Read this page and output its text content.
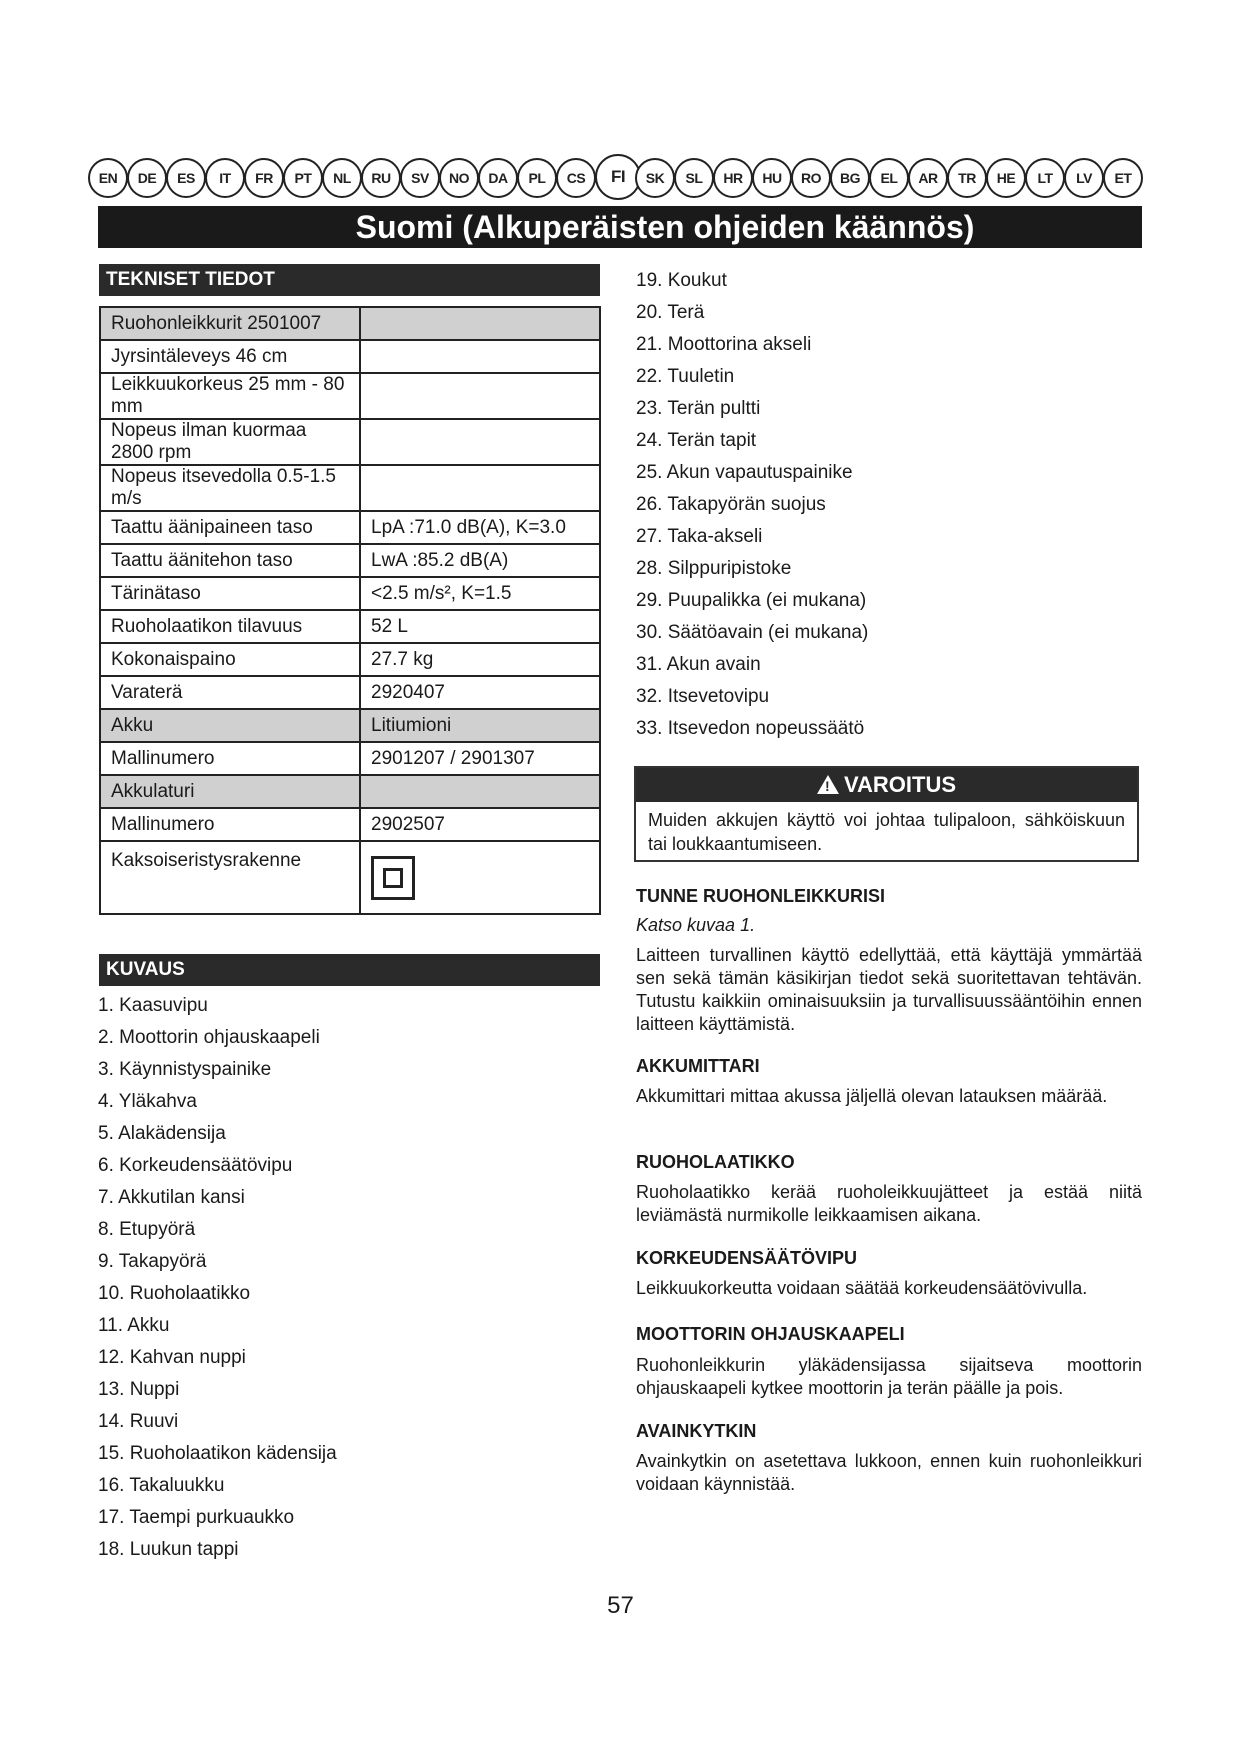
EN	DE	ES	IT	FR	PT	NL	RU	SV	NO	DA	PL	CS	FI	SK	SL	HR	HU	RO	BG	EL	AR	TR	HE	LT	LV	ET
Suomi (Alkuperäisten ohjeiden käännös)
TEKNISET TIEDOT
Ruohonleikkurit 2501007	
Jyrsintäleveys 46 cm	
Leikkuukorkeus 25 mm - 80 mm	
Nopeus ilman kuormaa 2800 rpm	
Nopeus itsevedolla 0.5-1.5 m/s	
Taattu äänipaineen taso	LpA :71.0 dB(A), K=3.0
Taattu äänitehon taso	LwA :85.2 dB(A)
Tärinätaso	<2.5 m/s², K=1.5
Ruoholaatikon tilavuus	52 L
Kokonaispaino	27.7 kg
Varaterä	2920407
Akku	Litiumioni
Mallinumero	2901207 / 2901307
Akkulaturi	
Mallinumero	2902507
Kaksoiseristysrakenne	
KUVAUS
1. Kaasuvipu
2. Moottorin ohjauskaapeli
3. Käynnistyspainike
4. Yläkahva
5. Alakädensija
6. Korkeudensäätövipu
7. Akkutilan kansi
8. Etupyörä
9. Takapyörä
10. Ruoholaatikko
11. Akku
12. Kahvan nuppi
13. Nuppi
14. Ruuvi
15. Ruoholaatikon kädensija
16. Takaluukku
17. Taempi purkuaukko
18. Luukun tappi
19. Koukut
20. Terä
21. Moottorina akseli
22. Tuuletin
23. Terän pultti
24. Terän tapit
25. Akun vapautuspainike
26. Takapyörän suojus
27. Taka-akseli
28. Silppuripistoke
29. Puupalikka (ei mukana)
30. Säätöavain (ei mukana)
31. Akun avain
32. Itsevetovipu
33. Itsevedon nopeussäätö
!VAROITUS
Muiden akkujen käyttö voi johtaa tulipaloon, sähköiskuun tai loukkaantumiseen.
TUNNE RUOHONLEIKKURISI
Katso kuvaa 1.
Laitteen turvallinen käyttö edellyttää, että käyttäjä ymmärtää sen sekä tämän käsikirjan tiedot sekä suoritettavan tehtävän. Tutustu kaikkiin ominaisuuksiin ja turvallisuussääntöihin ennen laitteen käyttämistä.
AKKUMITTARI
Akkumittari mittaa akussa jäljellä olevan latauksen määrää.
RUOHOLAATIKKO
Ruoholaatikko kerää ruoholeikkuujätteet ja estää niitä leviämästä nurmikolle leikkaamisen aikana.
KORKEUDENSÄÄTÖVIPU
Leikkuukorkeutta voidaan säätää korkeudensäätövivulla.
MOOTTORIN OHJAUSKAAPELI
Ruohonleikkurin yläkädensijassa sijaitseva moottorin ohjauskaapeli kytkee moottorin ja terän päälle ja pois.
AVAINKYTKIN
Avainkytkin on asetettava lukkoon, ennen kuin ruohonleikkuri voidaan käynnistää.
57
